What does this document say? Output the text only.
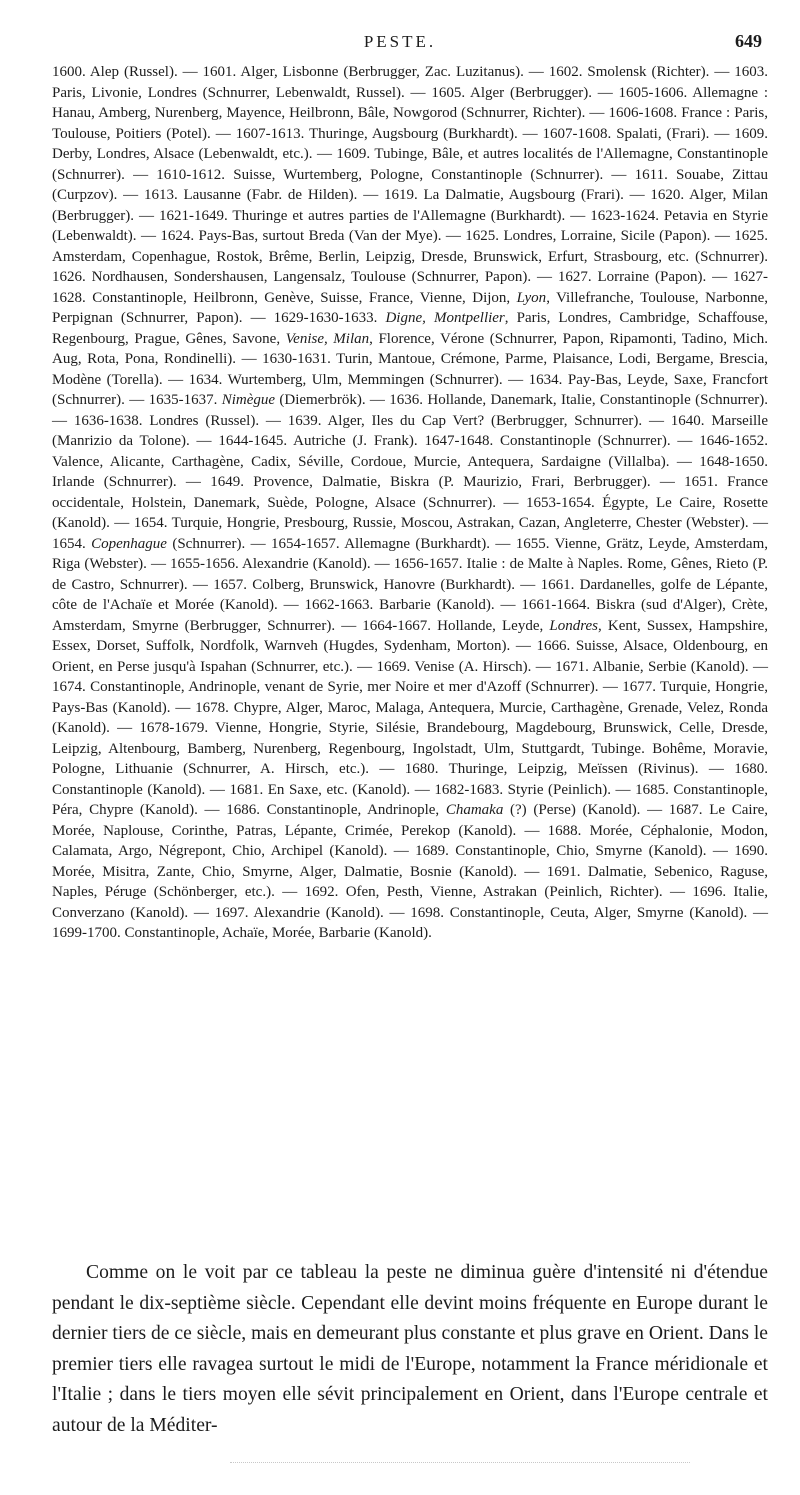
PESTE.	649

1600. Alep (Russel). — 1601. Alger, Lisbonne (Berbrugger, Zac. Luzitanus). — 1602. Smolensk (Richter). — 1603. Paris, Livonie, Londres (Schnurrer, Lebenwaldt, Russel). — 1605. Alger (Berbrugger). — 1605-1606. Allemagne : Hanau, Amberg, Nurenberg, Mayence, Heilbronn, Bâle, Nowgorod (Schnurrer, Richter). — 1606-1608. France : Paris, Toulouse, Poitiers (Potel). — 1607-1613. Thuringe, Augsbourg (Burkhardt). — 1607-1608. Spalati, (Frari). — 1609. Derby, Londres, Alsace (Lebenwaldt, etc.). — 1609. Tubinge, Bâle, et autres localités de l'Allemagne, Constantinople (Schnurrer). — 1610-1612. Suisse, Wurtemberg, Pologne, Constantinople (Schnurrer). — 1611. Souabe, Zittau (Curpzov). — 1613. Lausanne (Fabr. de Hilden). — 1619. La Dalmatie, Augsbourg (Frari). — 1620. Alger, Milan (Berbrugger). — 1621-1649. Thuringe et autres parties de l'Allemagne (Burkhardt). — 1623-1624. Petavia en Styrie (Lebenwaldt). — 1624. Pays-Bas, surtout Breda (Van der Mye). — 1625. Londres, Lorraine, Sicile (Papon). — 1625. Amsterdam, Copenhague, Rostok, Brême, Berlin, Leipzig, Dresde, Brunswick, Erfurt, Strasbourg, etc. (Schnurrer). 1626. Nordhausen, Sondershausen, Langensalz, Toulouse (Schnurrer, Papon). — 1627. Lorraine (Papon). — 1627-1628. Constantinople, Heilbronn, Genève, Suisse, France, Vienne, Dijon, Lyon, Villefranche, Toulouse, Narbonne, Perpignan (Schnurrer, Papon). — 1629-1630-1633. Digne, Montpellier, Paris, Londres, Cambridge, Schaffouse, Regenbourg, Prague, Gênes, Savone, Venise, Milan, Florence, Vérone (Schnurrer, Papon, Ripamonti, Tadino, Mich. Aug, Rota, Pona, Rondinelli). — 1630-1631. Turin, Mantoue, Crémone, Parme, Plaisance, Lodi, Bergame, Brescia, Modène (Torella). — 1634. Wurtemberg, Ulm, Memmingen (Schnurrer). — 1634. Pay-Bas, Leyde, Saxe, Francfort (Schnurrer). — 1635-1637. Nimègue (Diemerbrök). — 1636. Hollande, Danemark, Italie, Constantinople (Schnurrer). — 1636-1638. Londres (Russel). — 1639. Alger, Iles du Cap Vert? (Berbrugger, Schnurrer). — 1640. Marseille (Manrizio da Tolone). — 1644-1645. Autriche (J. Frank). 1647-1648. Constantinople (Schnurrer). — 1646-1652. Valence, Alicante, Carthagène, Cadix, Séville, Cordoue, Murcie, Antequera, Sardaigne (Villalba). — 1648-1650. Irlande (Schnurrer). — 1649. Provence, Dalmatie, Biskra (P. Maurizio, Frari, Berbrugger). — 1651. France occidentale, Holstein, Danemark, Suède, Pologne, Alsace (Schnurrer). — 1653-1654. Égypte, Le Caire, Rosette (Kanold). — 1654. Turquie, Hongrie, Presbourg, Russie, Moscou, Astrakan, Cazan, Angleterre, Chester (Webster). — 1654. Copenhague (Schnurrer). — 1654-1657. Allemagne (Burkhardt). — 1655. Vienne, Grätz, Leyde, Amsterdam, Riga (Webster). — 1655-1656. Alexandrie (Kanold). — 1656-1657. Italie : de Malte à Naples. Rome, Gênes, Rieto (P. de Castro, Schnurrer). — 1657. Colberg, Brunswick, Hanovre (Burkhardt). — 1661. Dardanelles, golfe de Lépante, côte de l'Achaïe et Morée (Kanold). — 1662-1663. Barbarie (Kanold). — 1661-1664. Biskra (sud d'Alger), Crète, Amsterdam, Smyrne (Berbrugger, Schnurrer). — 1664-1667. Hollande, Leyde, Londres, Kent, Sussex, Hampshire, Essex, Dorset, Suffolk, Nordfolk, Warnveh (Hugdes, Sydenham, Morton). — 1666. Suisse, Alsace, Oldenbourg, en Orient, en Perse jusqu'à Ispahan (Schnurrer, etc.). — 1669. Venise (A. Hirsch). — 1671. Albanie, Serbie (Kanold). — 1674. Constantinople, Andrinople, venant de Syrie, mer Noire et mer d'Azoff (Schnurrer). — 1677. Turquie, Hongrie, Pays-Bas (Kanold). — 1678. Chypre, Alger, Maroc, Malaga, Antequera, Murcie, Carthagène, Grenade, Velez, Ronda (Kanold). — 1678-1679. Vienne, Hongrie, Styrie, Silésie, Brandebourg, Magdebourg, Brunswick, Celle, Dresde, Leipzig, Altenbourg, Bamberg, Nurenberg, Regenbourg, Ingolstadt, Ulm, Stuttgardt, Tubinge. Bohême, Moravie, Pologne, Lithuanie (Schnurrer, A. Hirsch, etc.). — 1680. Thuringe, Leipzig, Meïssen (Rivinus). — 1680. Constantinople (Kanold). — 1681. En Saxe, etc. (Kanold). — 1682-1683. Styrie (Peinlich). — 1685. Constantinople, Péra, Chypre (Kanold). — 1686. Constantinople, Andrinople, Chamaka (?) (Perse) (Kanold). — 1687. Le Caire, Morée, Naplouse, Corinthe, Patras, Lépante, Crimée, Perekop (Kanold). — 1688. Morée, Céphalonie, Modon, Calamata, Argo, Négrepont, Chio, Archipel (Kanold). — 1689. Constantinople, Chio, Smyrne (Kanold). — 1690. Morée, Misitra, Zante, Chio, Smyrne, Alger, Dalmatie, Bosnie (Kanold). — 1691. Dalmatie, Sebenico, Raguse, Naples, Péruge (Schönberger, etc.). — 1692. Ofen, Pesth, Vienne, Astrakan (Peinlich, Richter). — 1696. Italie, Converzano (Kanold). — 1697. Alexandrie (Kanold). — 1698. Constantinople, Ceuta, Alger, Smyrne (Kanold). — 1699-1700. Constantinople, Achaïe, Morée, Barbarie (Kanold).

Comme on le voit par ce tableau la peste ne diminua guère d'intensité ni d'étendue pendant le dix-septième siècle. Cependant elle devint moins fréquente en Europe durant le dernier tiers de ce siècle, mais en demeurant plus constante et plus grave en Orient. Dans le premier tiers elle ravagea surtout le midi de l'Europe, notamment la France méridionale et l'Italie ; dans le tiers moyen elle sévit principalement en Orient, dans l'Europe centrale et autour de la Méditer-
